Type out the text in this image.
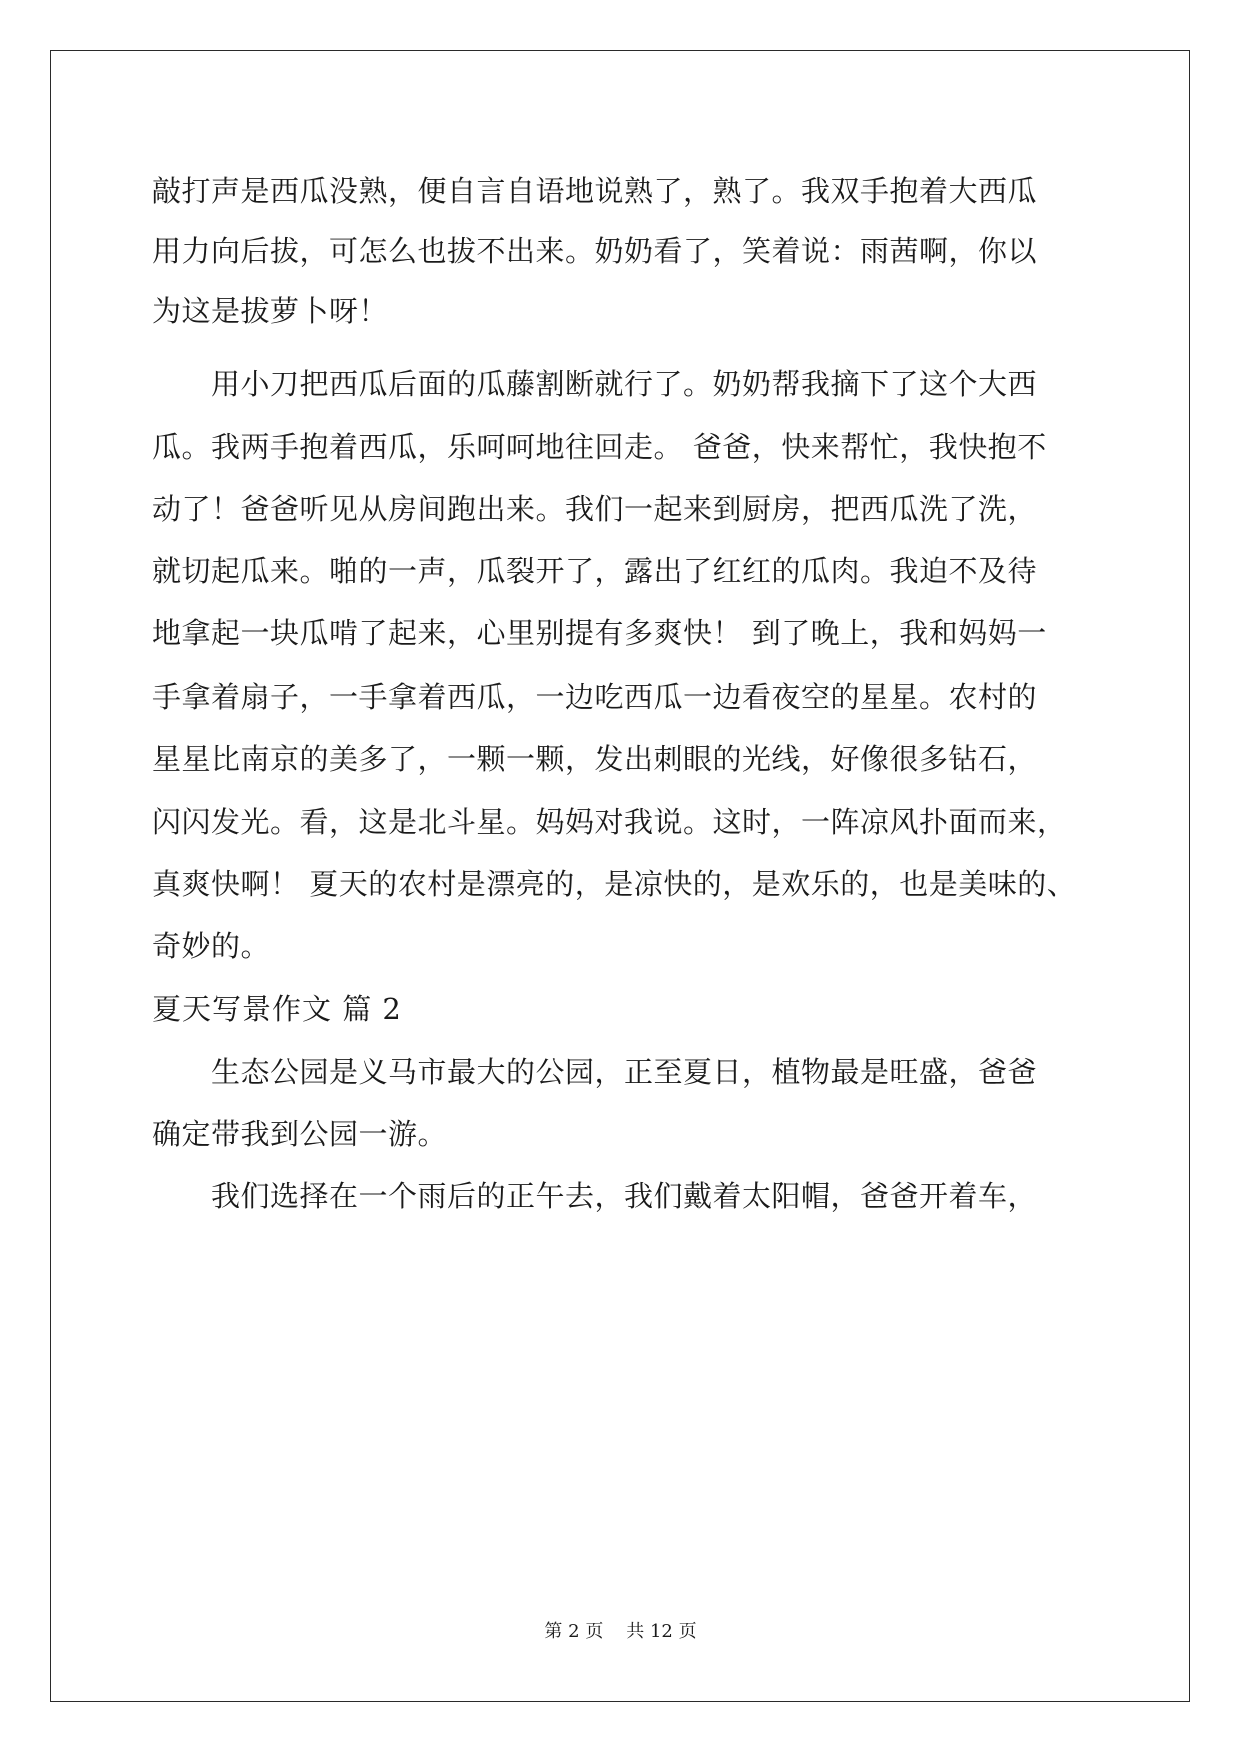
敲打声是西瓜没熟，便自言自语地说熟了，熟了。我双手抱着大西瓜

用力向后拔，可怎么也拔不出来。奶奶看了，笑着说：雨茜啊，你以

为这是拔萝卜呀！

　　用小刀把西瓜后面的瓜藤割断就行了。奶奶帮我摘下了这个大西

瓜。我两手抱着西瓜，乐呵呵地往回走。 爸爸，快来帮忙，我快抱不

动了！爸爸听见从房间跑出来。我们一起来到厨房，把西瓜洗了洗，

就切起瓜来。啪的一声，瓜裂开了，露出了红红的瓜肉。我迫不及待

地拿起一块瓜啃了起来，心里别提有多爽快！ 到了晚上，我和妈妈一

手拿着扇子，一手拿着西瓜，一边吃西瓜一边看夜空的星星。农村的

星星比南京的美多了，一颗一颗，发出刺眼的光线，好像很多钻石，

闪闪发光。看，这是北斗星。妈妈对我说。这时，一阵凉风扑面而来，

真爽快啊！ 夏天的农村是漂亮的，是凉快的，是欢乐的，也是美味的、

奇妙的。

夏天写景作文 篇 2

　　生态公园是义马市最大的公园，正至夏日，植物最是旺盛，爸爸

确定带我到公园一游。

　　我们选择在一个雨后的正午去，我们戴着太阳帽，爸爸开着车，

第 2 页 共 12 页
